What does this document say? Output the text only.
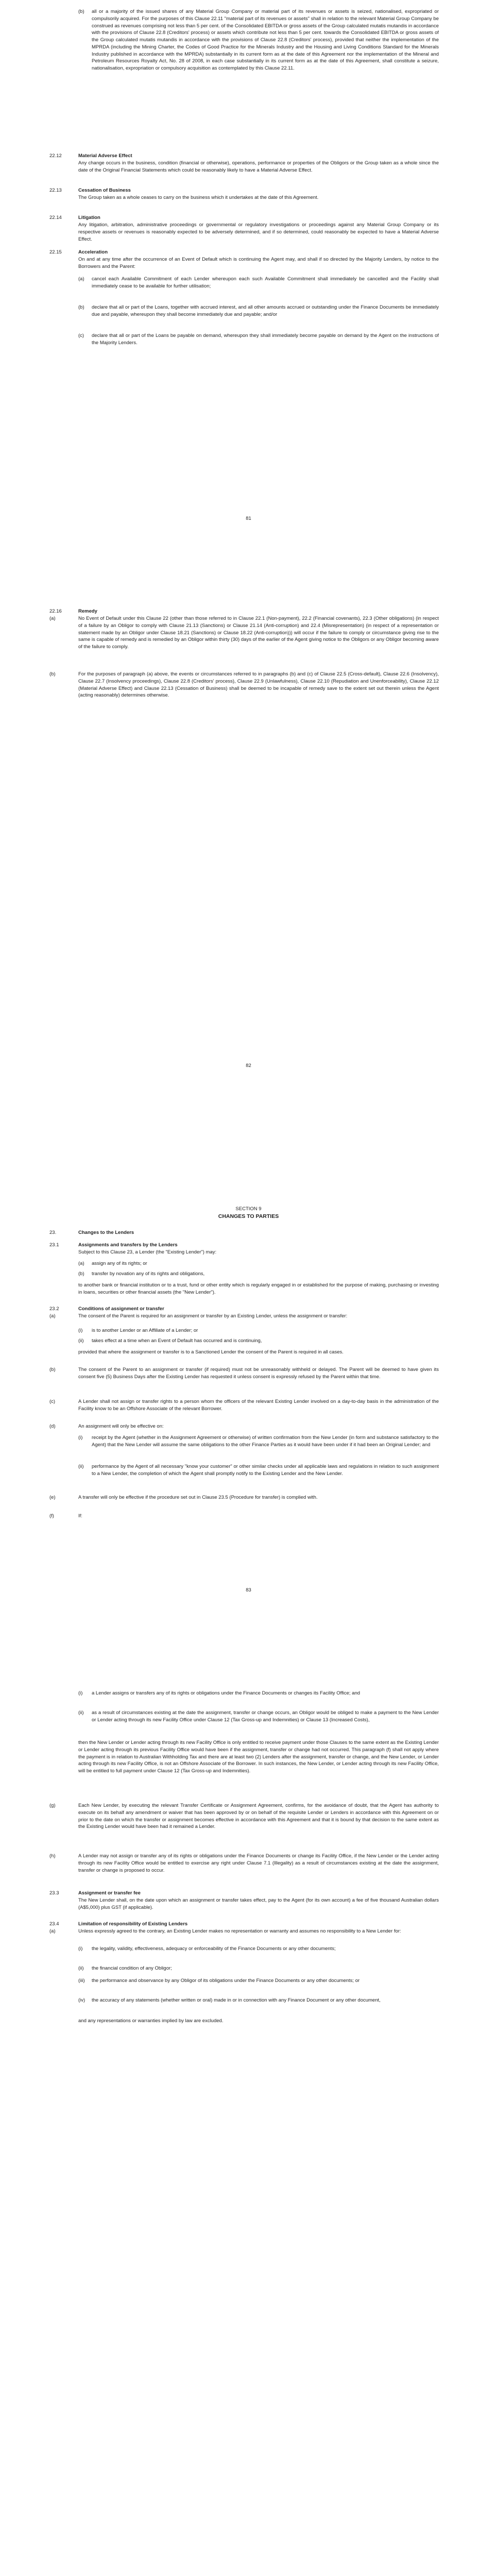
(b) all or a majority of the issued shares of any Material Group Company or material part of its revenues or assets is seized, nationalised, expropriated or compulsorily acquired. For the purposes of this Clause 22.11 "material part of its revenues or assets" shall in relation to the relevant Material Group Company be construed as revenues comprising not less than 5 per cent. of the Consolidated EBITDA or gross assets of the Group calculated mutatis mutandis in accordance with the provisions of Clause 22.8 (Creditors' process) or assets which contribute not less than 5 per cent. towards the Consolidated EBITDA or gross assets of the Group calculated mutatis mutandis in accordance with the provisions of Clause 22.8 (Creditors' process), provided that neither the implementation of the MPRDA (including the Mining Charter, the Codes of Good Practice for the Minerals Industry and the Housing and Living Conditions Standard for the Minerals Industry published in accordance with the MPRDA) substantially in its current form as at the date of this Agreement nor the implementation of the Mineral and Petroleum Resources Royalty Act, No. 28 of 2008, in each case substantially in its current form as at the date of this Agreement, shall constitute a seizure, nationalisation, expropriation or compulsory acquisition as contemplated by this Clause 22.11.
22.12	Material Adverse Effect
Any change occurs in the business, condition (financial or otherwise), operations, performance or properties of the Obligors or the Group taken as a whole since the date of the Original Financial Statements which could be reasonably likely to have a Material Adverse Effect.
22.13	Cessation of Business
The Group taken as a whole ceases to carry on the business which it undertakes at the date of this Agreement.
22.14	Litigation
Any litigation, arbitration, administrative proceedings or governmental or regulatory investigations or proceedings against any Material Group Company or its respective assets or revenues is reasonably expected to be adversely determined, and if so determined, could reasonably be expected to have a Material Adverse Effect.
22.15	Acceleration
On and at any time after the occurrence of an Event of Default which is continuing the Agent may, and shall if so directed by the Majority Lenders, by notice to the Borrowers and the Parent:
(a) cancel each Available Commitment of each Lender whereupon each such Available Commitment shall immediately be cancelled and the Facility shall immediately cease to be available for further utilisation;
(b) declare that all or part of the Loans, together with accrued interest, and all other amounts accrued or outstanding under the Finance Documents be immediately due and payable, whereupon they shall become immediately due and payable; and/or
(c) declare that all or part of the Loans be payable on demand, whereupon they shall immediately become payable on demand by the Agent on the instructions of the Majority Lenders.
81
22.16	Remedy
(a)	No Event of Default under this Clause 22 (other than those referred to in Clause 22.1 (Non-payment), 22.2 (Financial covenants), 22.3 (Other obligations) (in respect of a failure by an Obligor to comply with Clause 21.13 (Sanctions) or Clause 21.14 (Anti-corruption) and 22.4 (Misrepresentation) (in respect of a representation or statement made by an Obligor under Clause 18.21 (Sanctions) or Clause 18.22 (Anti-corruption))) will occur if the failure to comply or circumstance giving rise to the same is capable of remedy and is remedied by an Obligor within thirty (30) days of the earlier of the Agent giving notice to the Obligors or any Obligor becoming aware of the failure to comply.
(b)	For the purposes of paragraph (a) above, the events or circumstances referred to in paragraphs (b) and (c) of Clause 22.5 (Cross-default), Clause 22.6 (Insolvency), Clause 22.7 (Insolvency proceedings), Clause 22.8 (Creditors' process), Clause 22.9 (Unlawfulness), Clause 22.10 (Repudiation and Unenforceability), Clause 22.12 (Material Adverse Effect) and Clause 22.13 (Cessation of Business) shall be deemed to be incapable of remedy save to the extent set out therein unless the Agent (acting reasonably) determines otherwise.
82
SECTION 9
CHANGES TO PARTIES
23.	Changes to the Lenders
23.1	Assignments and transfers by the Lenders
Subject to this Clause 23, a Lender (the "Existing Lender") may:
(a) assign any of its rights; or
(b) transfer by novation any of its rights and obligations,
to another bank or financial institution or to a trust, fund or other entity which is regularly engaged in or established for the purpose of making, purchasing or investing in loans, securities or other financial assets (the "New Lender").
23.2	Conditions of assignment or transfer
(a)	The consent of the Parent is required for an assignment or transfer by an Existing Lender, unless the assignment or transfer:
(i) is to another Lender or an Affiliate of a Lender; or
(ii) takes effect at a time when an Event of Default has occurred and is continuing,
provided that where the assignment or transfer is to a Sanctioned Lender the consent of the Parent is required in all cases.
(b)	The consent of the Parent to an assignment or transfer (if required) must not be unreasonably withheld or delayed. The Parent will be deemed to have given its consent five (5) Business Days after the Existing Lender has requested it unless consent is expressly refused by the Parent within that time.
(c)	A Lender shall not assign or transfer rights to a person whom the officers of the relevant Existing Lender involved on a day-to-day basis in the administration of the Facility know to be an Offshore Associate of the relevant Borrower.
(d)	An assignment will only be effective on:
(i) receipt by the Agent (whether in the Assignment Agreement or otherwise) of written confirmation from the New Lender (in form and substance satisfactory to the Agent) that the New Lender will assume the same obligations to the other Finance Parties as it would have been under if it had been an Original Lender; and
(ii) performance by the Agent of all necessary "know your customer" or other similar checks under all applicable laws and regulations in relation to such assignment to a New Lender, the completion of which the Agent shall promptly notify to the Existing Lender and the New Lender.
(e)	A transfer will only be effective if the procedure set out in Clause 23.5 (Procedure for transfer) is complied with.
(f)	If:
83
(i) a Lender assigns or transfers any of its rights or obligations under the Finance Documents or changes its Facility Office; and
(ii) as a result of circumstances existing at the date the assignment, transfer or change occurs, an Obligor would be obliged to make a payment to the New Lender or Lender acting through its new Facility Office under Clause 12 (Tax Gross-up and Indemnities) or Clause 13 (Increased Costs),
then the New Lender or Lender acting through its new Facility Office is only entitled to receive payment under those Clauses to the same extent as the Existing Lender or Lender acting through its previous Facility Office would have been if the assignment, transfer or change had not occurred. This paragraph (f) shall not apply where the payment is in relation to Australian Withholding Tax and there are at least two (2) Lenders after the assignment, transfer or change, and the New Lender, or Lender acting through its new Facility Office, is not an Offshore Associate of the Borrower. In such instances, the New Lender, or Lender acting through its new Facility Office, will be entitled to full payment under Clause 12 (Tax Gross-up and Indemnities).
(g)	Each New Lender, by executing the relevant Transfer Certificate or Assignment Agreement, confirms, for the avoidance of doubt, that the Agent has authority to execute on its behalf any amendment or waiver that has been approved by or on behalf of the requisite Lender or Lenders in accordance with this Agreement on or prior to the date on which the transfer or assignment becomes effective in accordance with this Agreement and that it is bound by that decision to the same extent as the Existing Lender would have been had it remained a Lender.
(h)	A Lender may not assign or transfer any of its rights or obligations under the Finance Documents or change its Facility Office, if the New Lender or the Lender acting through its new Facility Office would be entitled to exercise any right under Clause 7.1 (Illegality) as a result of circumstances existing at the date the assignment, transfer or change is proposed to occur.
23.3	Assignment or transfer fee
The New Lender shall, on the date upon which an assignment or transfer takes effect, pay to the Agent (for its own account) a fee of five thousand Australian dollars (A$5,000) plus GST (if applicable).
23.4	Limitation of responsibility of Existing Lenders
(a)	Unless expressly agreed to the contrary, an Existing Lender makes no representation or warranty and assumes no responsibility to a New Lender for:
(i) the legality, validity, effectiveness, adequacy or enforceability of the Finance Documents or any other documents;
(ii) the financial condition of any Obligor;
(iii) the performance and observance by any Obligor of its obligations under the Finance Documents or any other documents; or
(iv) the accuracy of any statements (whether written or oral) made in or in connection with any Finance Document or any other document,
and any representations or warranties implied by law are excluded.
